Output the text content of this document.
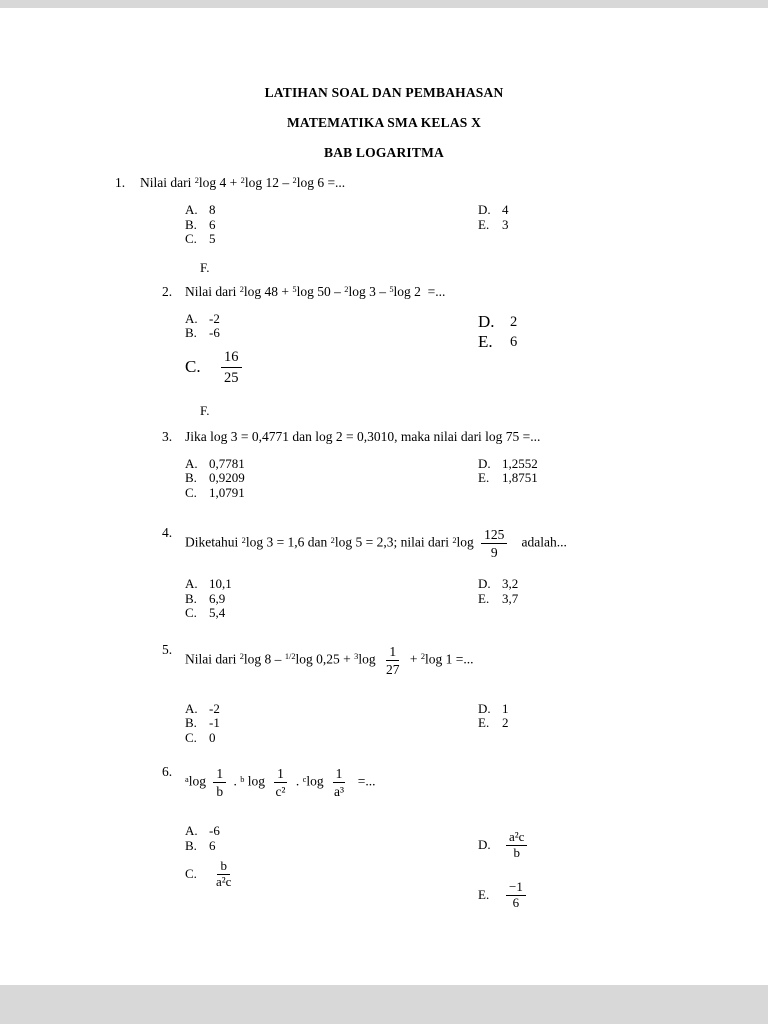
LATIHAN SOAL DAN PEMBAHASAN
MATEMATIKA SMA KELAS X
BAB LOGARITMA
1. Nilai dari $^2$log 4 + $^2$log 12 – $^2$log 6 =...
A. 8
B. 6
C. 5
D. 4
E. 3
F.
2. Nilai dari $^2$log 48 + $^5$log 50 – $^2$log 3 – $^5$log 2  =...
A. -2
B. -6
C.	$\frac{16}{25}$
D.	2
E.	6
F.
3. Jika log 3 = 0,4771 dan log 2 = 0,3010, maka nilai dari log 75 =...
A. 0,7781
B. 0,9209
C. 1,0791
D. 1,2552
E. 1,8751
4.
Diketahui $^2$log 3 = 1,6 dan $^2$log 5 = 2,3; nilai dari $^2\log \frac{125}{9}$ adalah...
A. 10,1
B. 6,9
C. 5,4
D. 3,2
E. 3,7
5.
Nilai dari $^2$log 8 – $^{1/2}$log $0,25 + ^3\log \frac{1}{27} + ^2\log$ 1 =...
A. -2
B. -1
C. 0
D. 1
E. 2
6.
$^a\log \frac{1}{b}$ . $^b$ $\log \frac{1}{\text{c²}}$ . $^c\log \frac{1}{\text{a³}}$ =...
A. -6
B. 6
C.	$\frac{b}{\text{a²c}}$
D.	$\frac{\text{a²c}}{b}$
E.	$\frac{-1}{6}$
